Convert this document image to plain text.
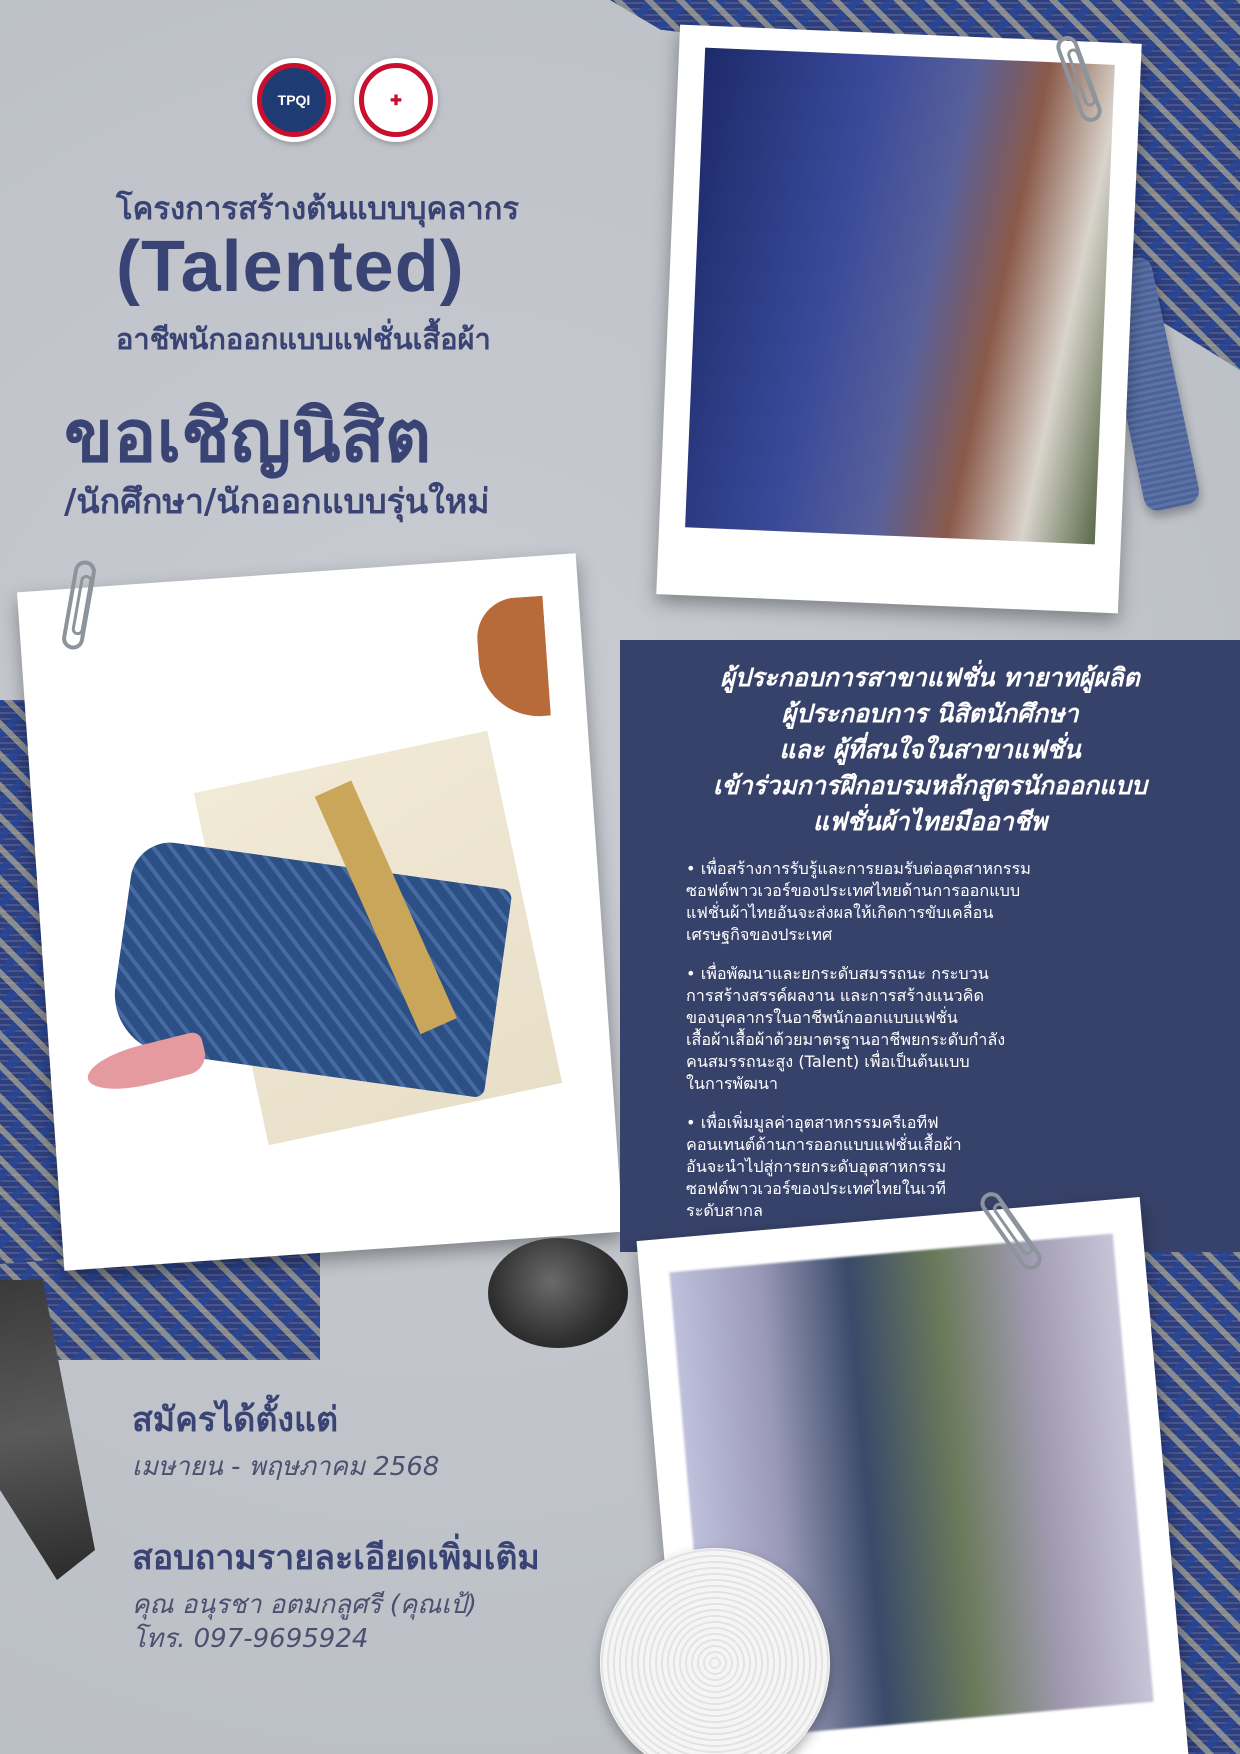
TPQI	✚
โครงการสร้างต้นแบบบุคลากร
(Talented)
อาชีพนักออกแบบแฟชั่นเสื้อผ้า
ขอเชิญนิสิต
/นักศึกษา/นักออกแบบรุ่นใหม่
ผู้ประกอบการสาขาแฟชั่น ทายาทผู้ผลิต
ผู้ประกอบการ นิสิตนักศึกษา
และ ผู้ที่สนใจในสาขาแฟชั่น
เข้าร่วมการฝึกอบรมหลักสูตรนักออกแบบ
แฟชั่นผ้าไทยมืออาชีพ

• เพื่อสร้างการรับรู้และการยอมรับต่ออุตสาหกรรม
ซอฟต์พาวเวอร์ของประเทศไทยด้านการออกแบบ
แฟชั่นผ้าไทยอันจะส่งผลให้เกิดการขับเคลื่อน
เศรษฐกิจของประเทศ

• เพื่อพัฒนาและยกระดับสมรรถนะ กระบวน
การสร้างสรรค์ผลงาน และการสร้างแนวคิด
ของบุคลากรในอาชีพนักออกแบบแฟชั่น
เสื้อผ้าเสื้อผ้าด้วยมาตรฐานอาชีพยกระดับกำลัง
คนสมรรถนะสูง (Talent) เพื่อเป็นต้นแบบ
ในการพัฒนา

• เพื่อเพิ่มมูลค่าอุตสาหกรรมครีเอทีฟ
คอนเทนต์ด้านการออกแบบแฟชั่นเสื้อผ้า
อันจะนำไปสู่การยกระดับอุตสาหกรรม
ซอฟต์พาวเวอร์ของประเทศไทยในเวที
ระดับสากล

สมัครได้ตั้งแต่
เมษายน - พฤษภาคม 2568
สอบถามรายละเอียดเพิ่มเติม
คุณ อนุรชา อตมกลูศรี (คุณเป้)
โทร. 097-9695924
